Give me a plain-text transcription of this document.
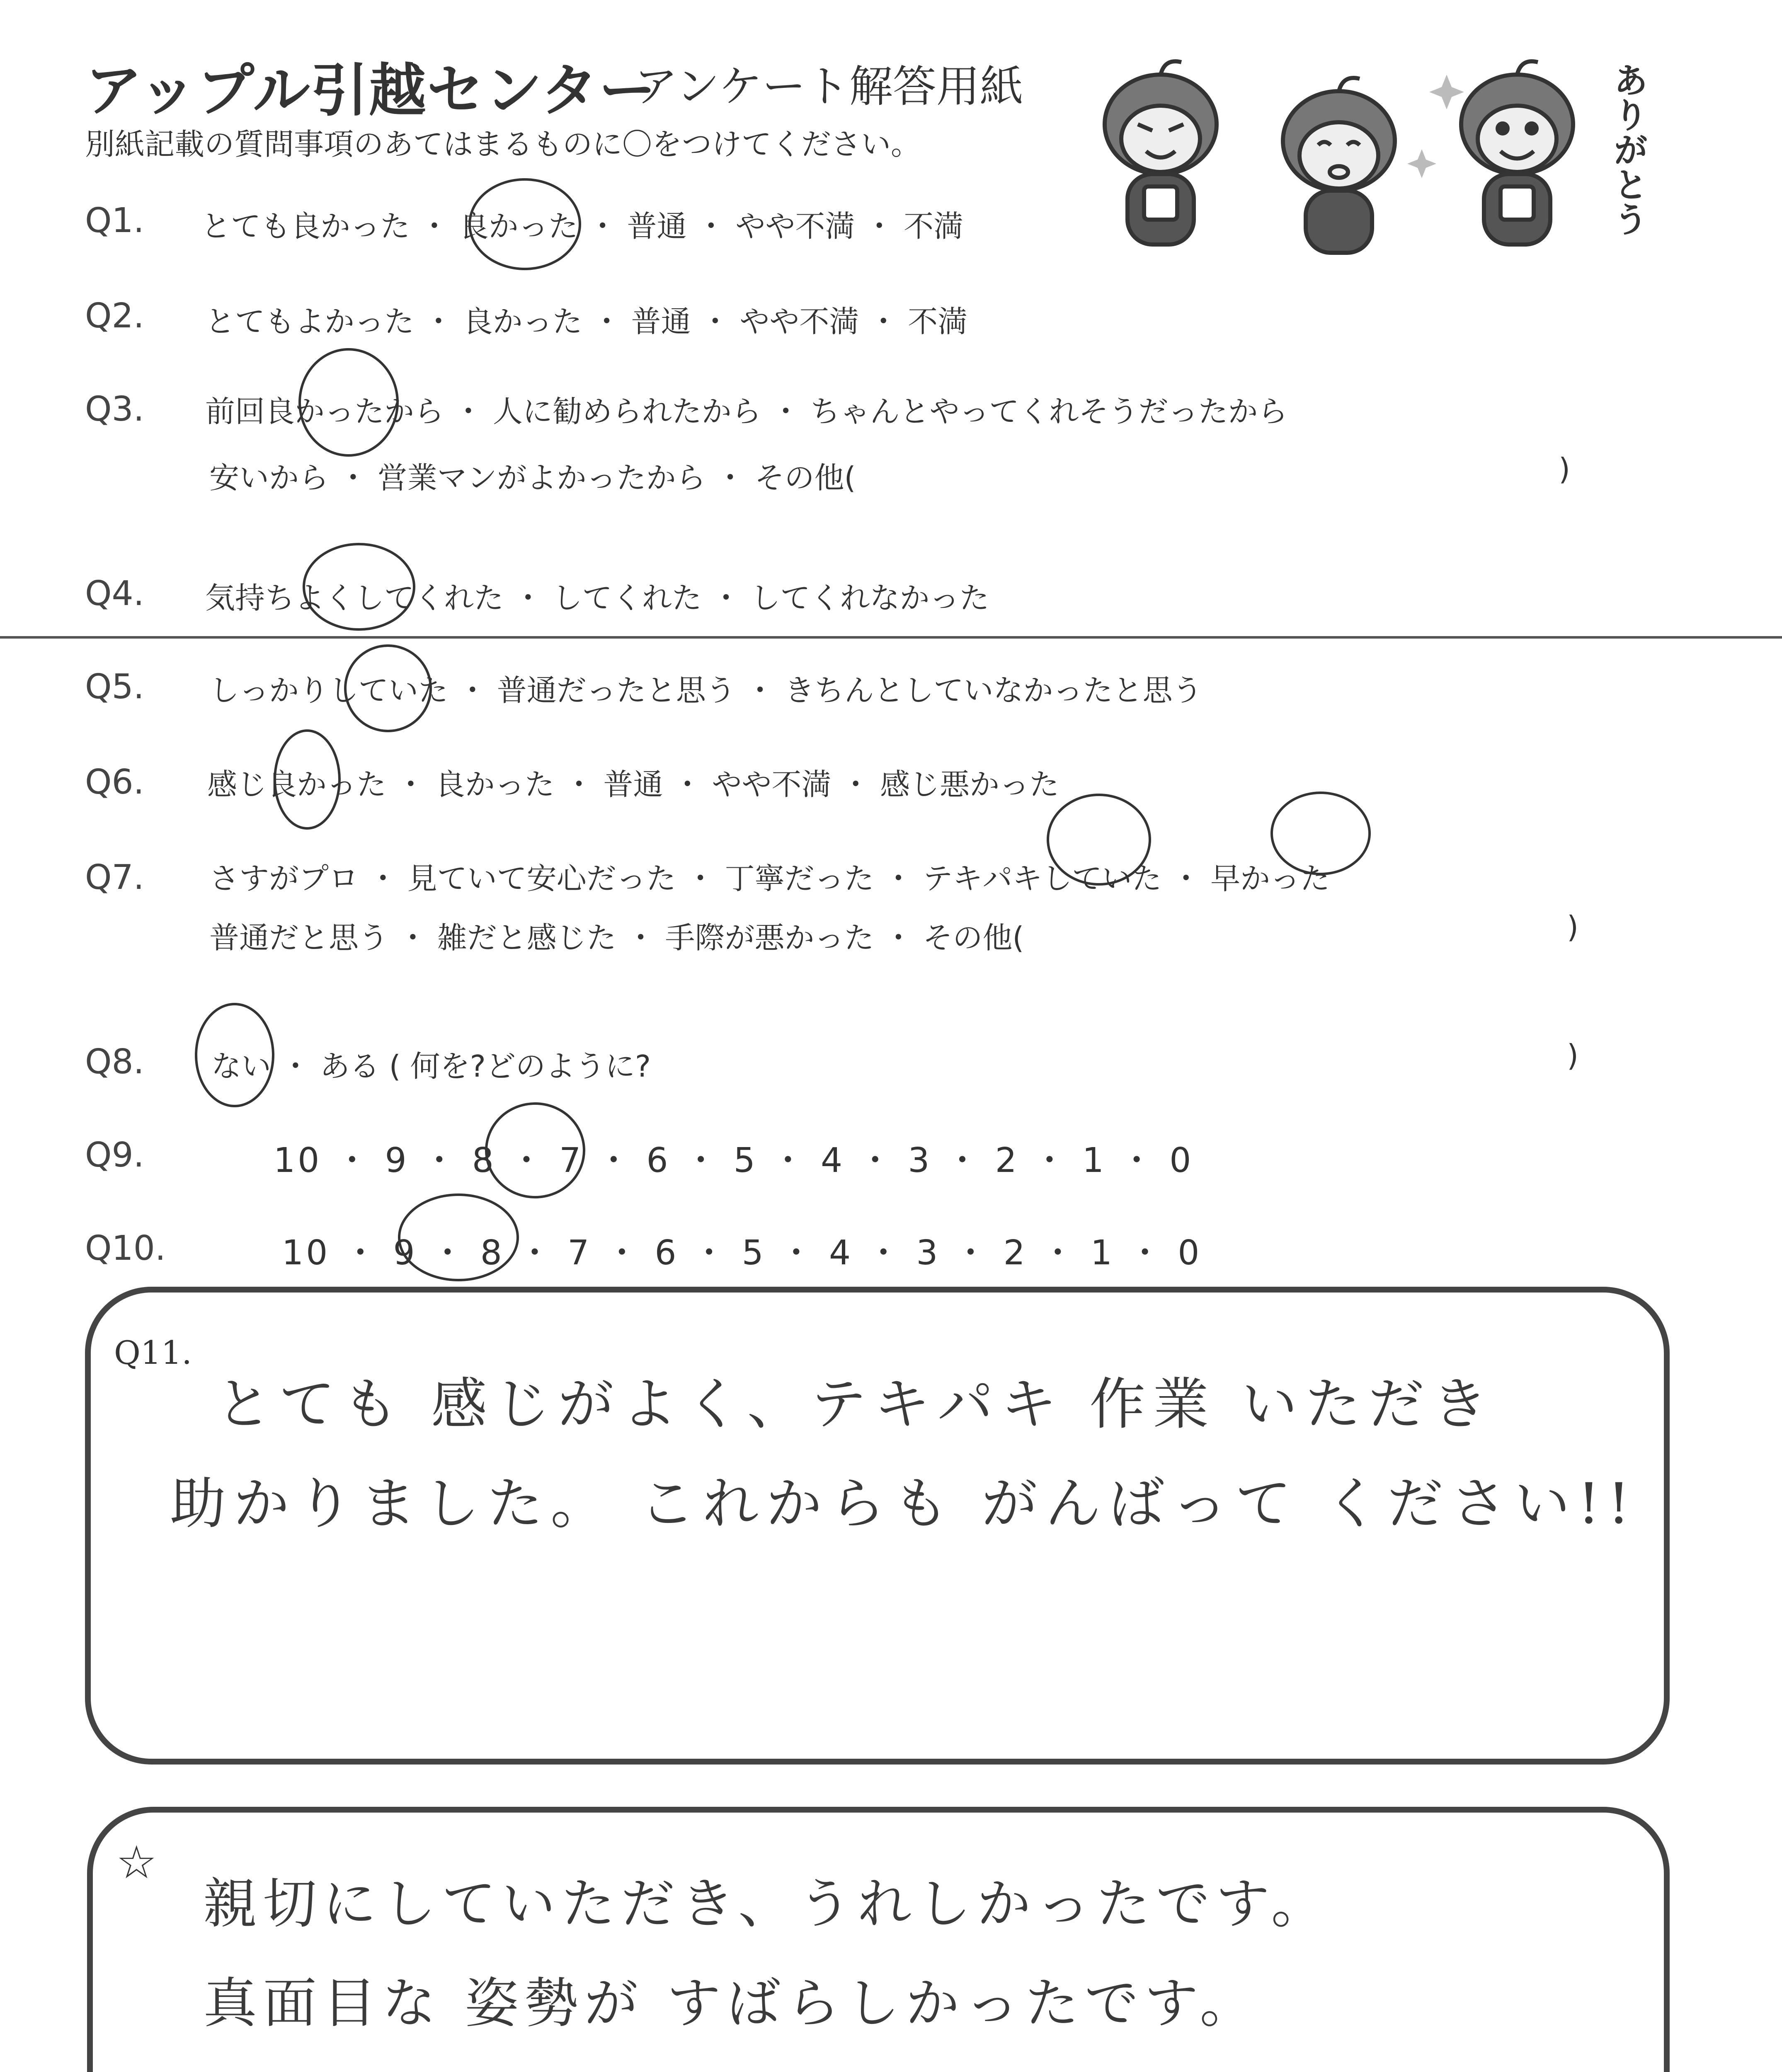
アップル引越センター
アンケート解答用紙
別紙記載の質問事項のあてはまるものに〇をつけてください。	ありがとう
Q1. とても良かった ・ 良かった ・ 普通 ・ やや不満 ・ 不満
Q2. とてもよかった ・ 良かった ・ 普通 ・ やや不満 ・ 不満
Q3. 前回良かったから ・ 人に勧められたから ・ ちゃんとやってくれそうだったから
安いから ・ 営業マンがよかったから ・ その他(	)
Q4. 気持ちよくしてくれた ・ してくれた ・ してくれなかった
Q5. しっかりしていた ・ 普通だったと思う ・ きちんとしていなかったと思う
Q6. 感じ良かった ・ 良かった ・ 普通 ・ やや不満 ・ 感じ悪かった
Q7. さすがプロ ・ 見ていて安心だった ・ 丁寧だった ・ テキパキしていた ・ 早かった
普通だと思う ・ 雑だと感じた ・ 手際が悪かった ・ その他(	)
Q8. ない ・ ある ( 何を?どのように?	)
Q9.	10 ・ 9 ・ 8 ・ 7 ・ 6 ・ 5 ・ 4 ・ 3 ・ 2 ・ 1 ・ 0
Q10.	10 ・ 9 ・ 8 ・ 7 ・ 6 ・ 5 ・ 4 ・ 3 ・ 2 ・ 1 ・ 0
Q11.
とても 感じがよく、テキパキ 作業 いただき
助かりました。 これからも がんばって ください!!
☆
親切にしていただき、うれしかったです。
真面目な 姿勢が すばらしかったです。
